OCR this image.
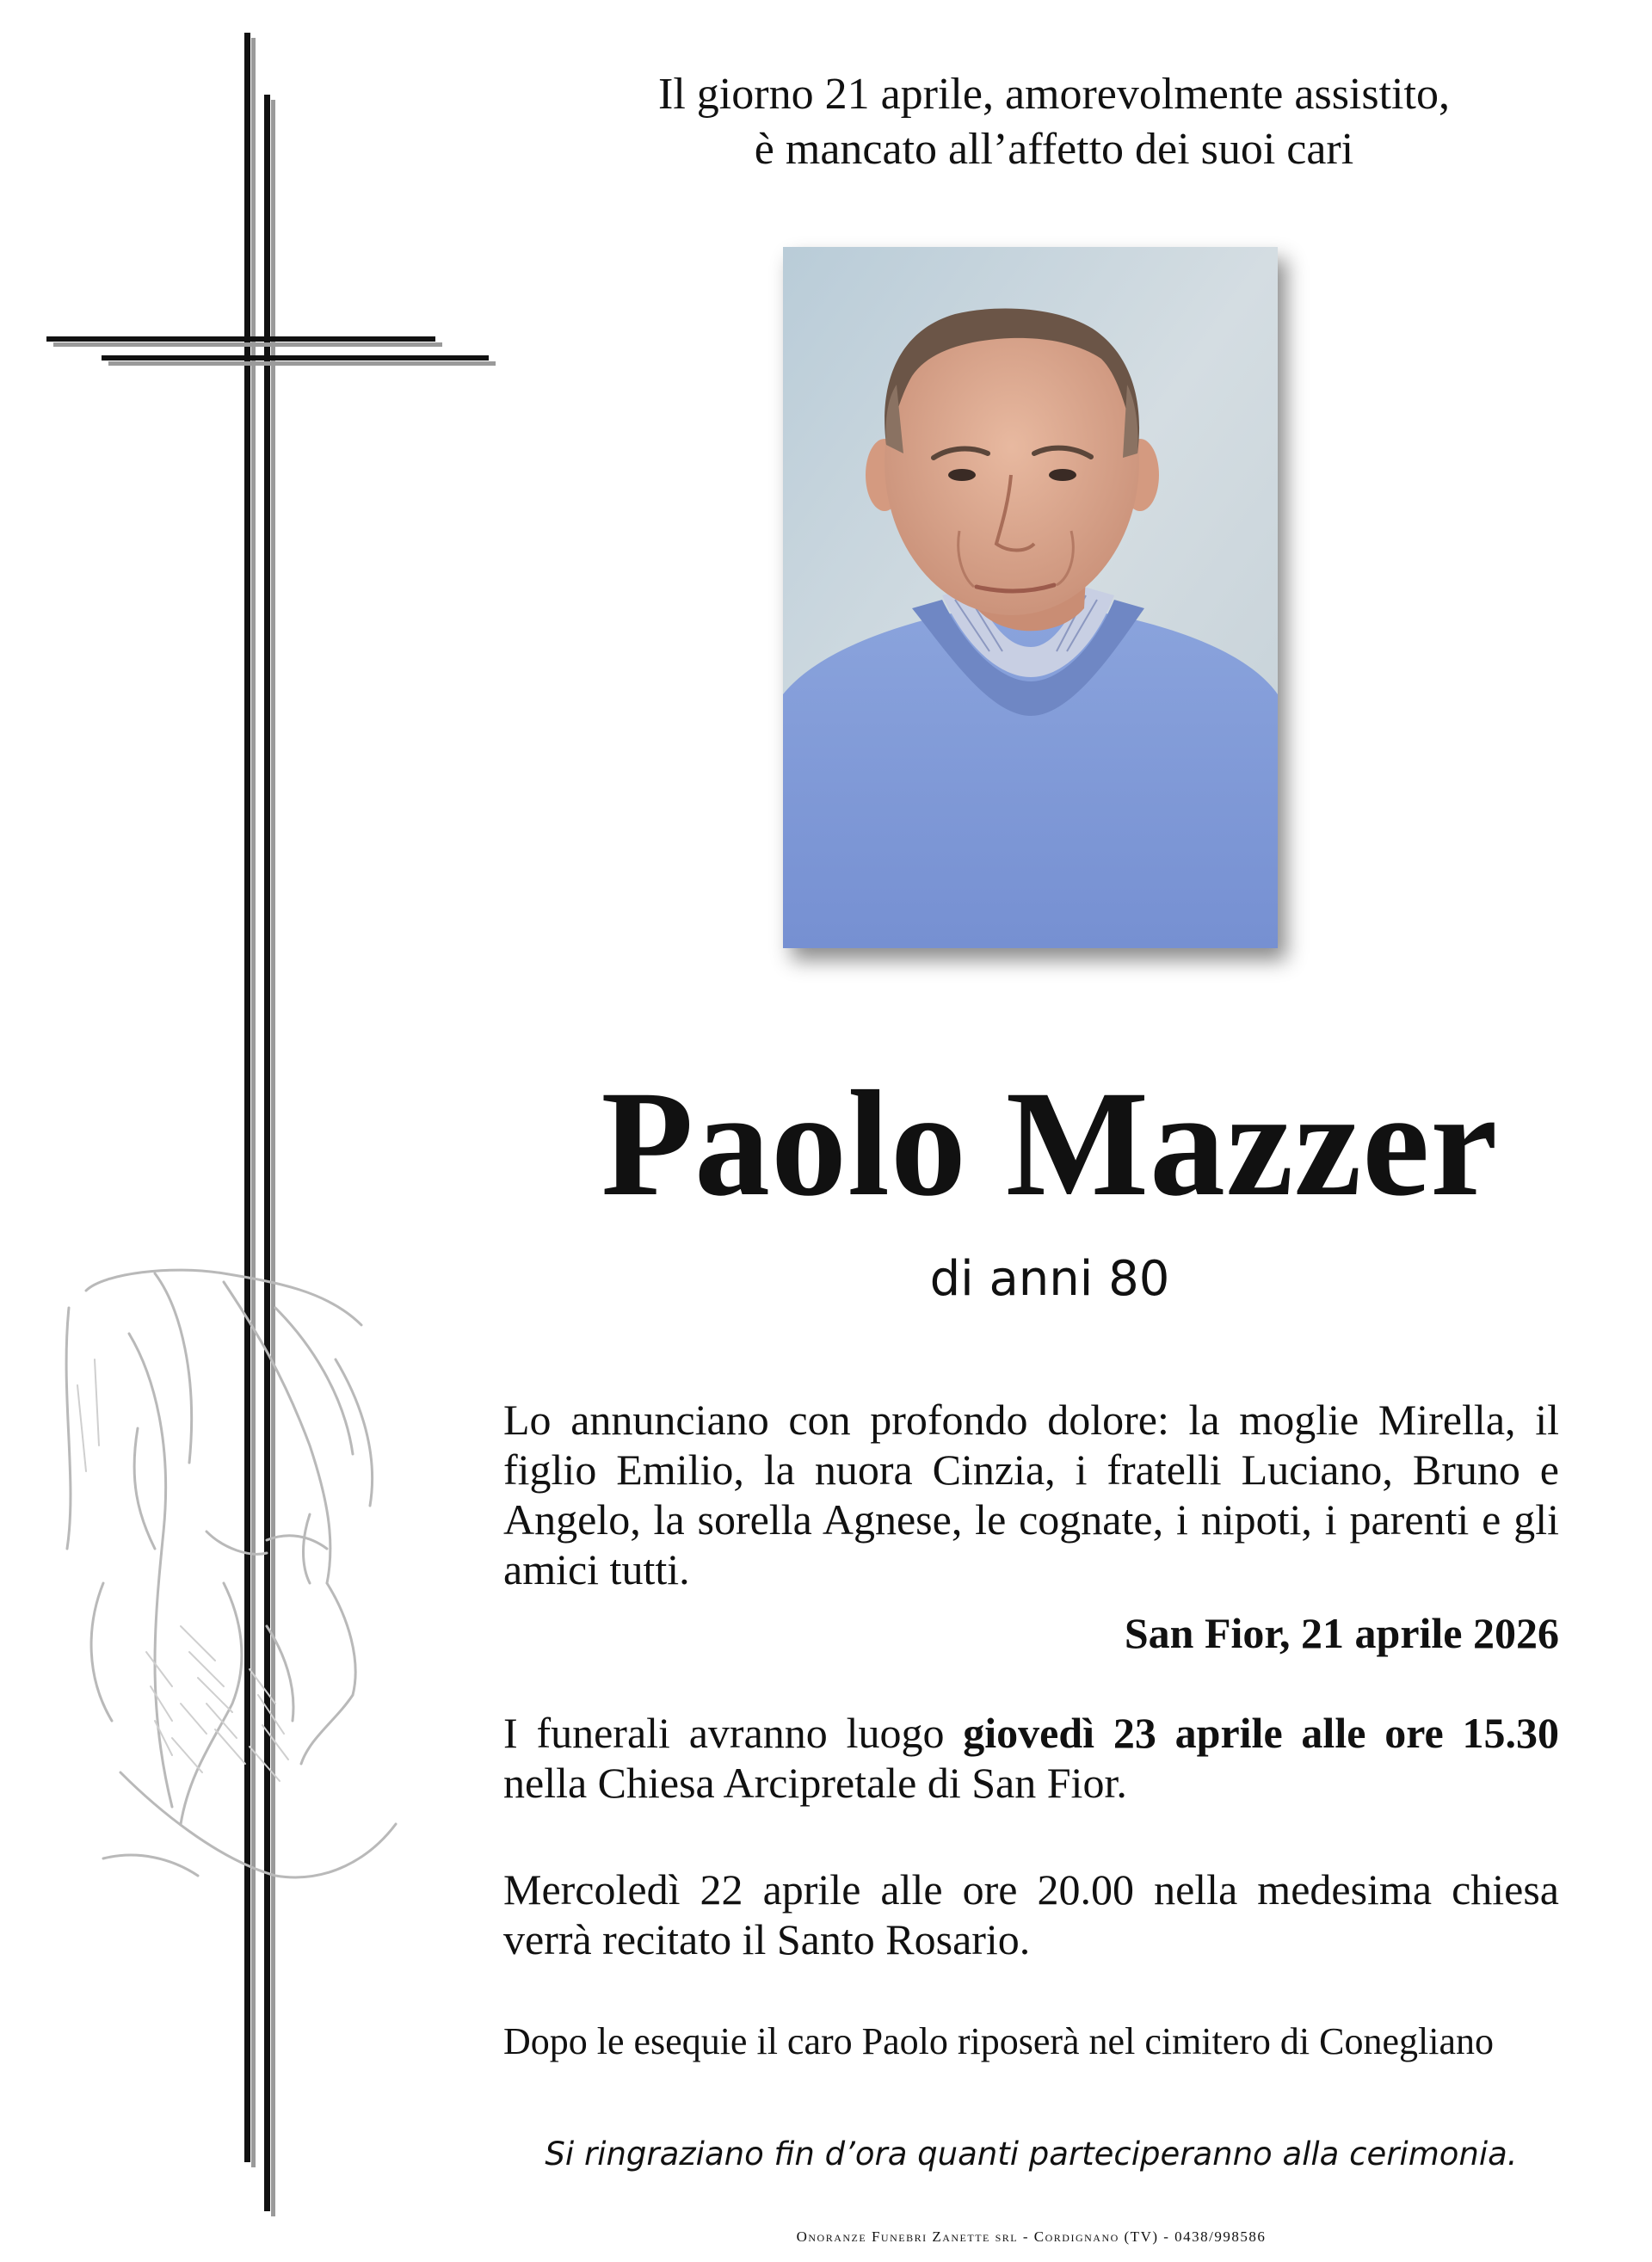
Il giorno 21 aprile, amorevolmente assistito,
è mancato all’affetto dei suoi cari
Paolo Mazzer
di anni 80
Lo annunciano con profondo dolore: la moglie Mirella, il figlio Emilio, la nuora Cinzia, i fratelli Luciano, Bruno e Angelo, la sorella Agnese, le cognate, i nipoti, i parenti e gli amici tutti.
San Fior, 21 aprile 2026
I funerali avranno luogo giovedì 23 aprile alle ore 15.30 nella Chiesa Arcipretale di San Fior.
Mercoledì 22 aprile alle ore 20.00 nella medesima chiesa verrà recitato il Santo Rosario.
Dopo le esequie il caro Paolo riposerà nel cimitero di Conegliano
Si ringraziano fin d’ora quanti parteciperanno alla cerimonia.
Onoranze Funebri Zanette srl - Cordignano (TV) - 0438/998586
